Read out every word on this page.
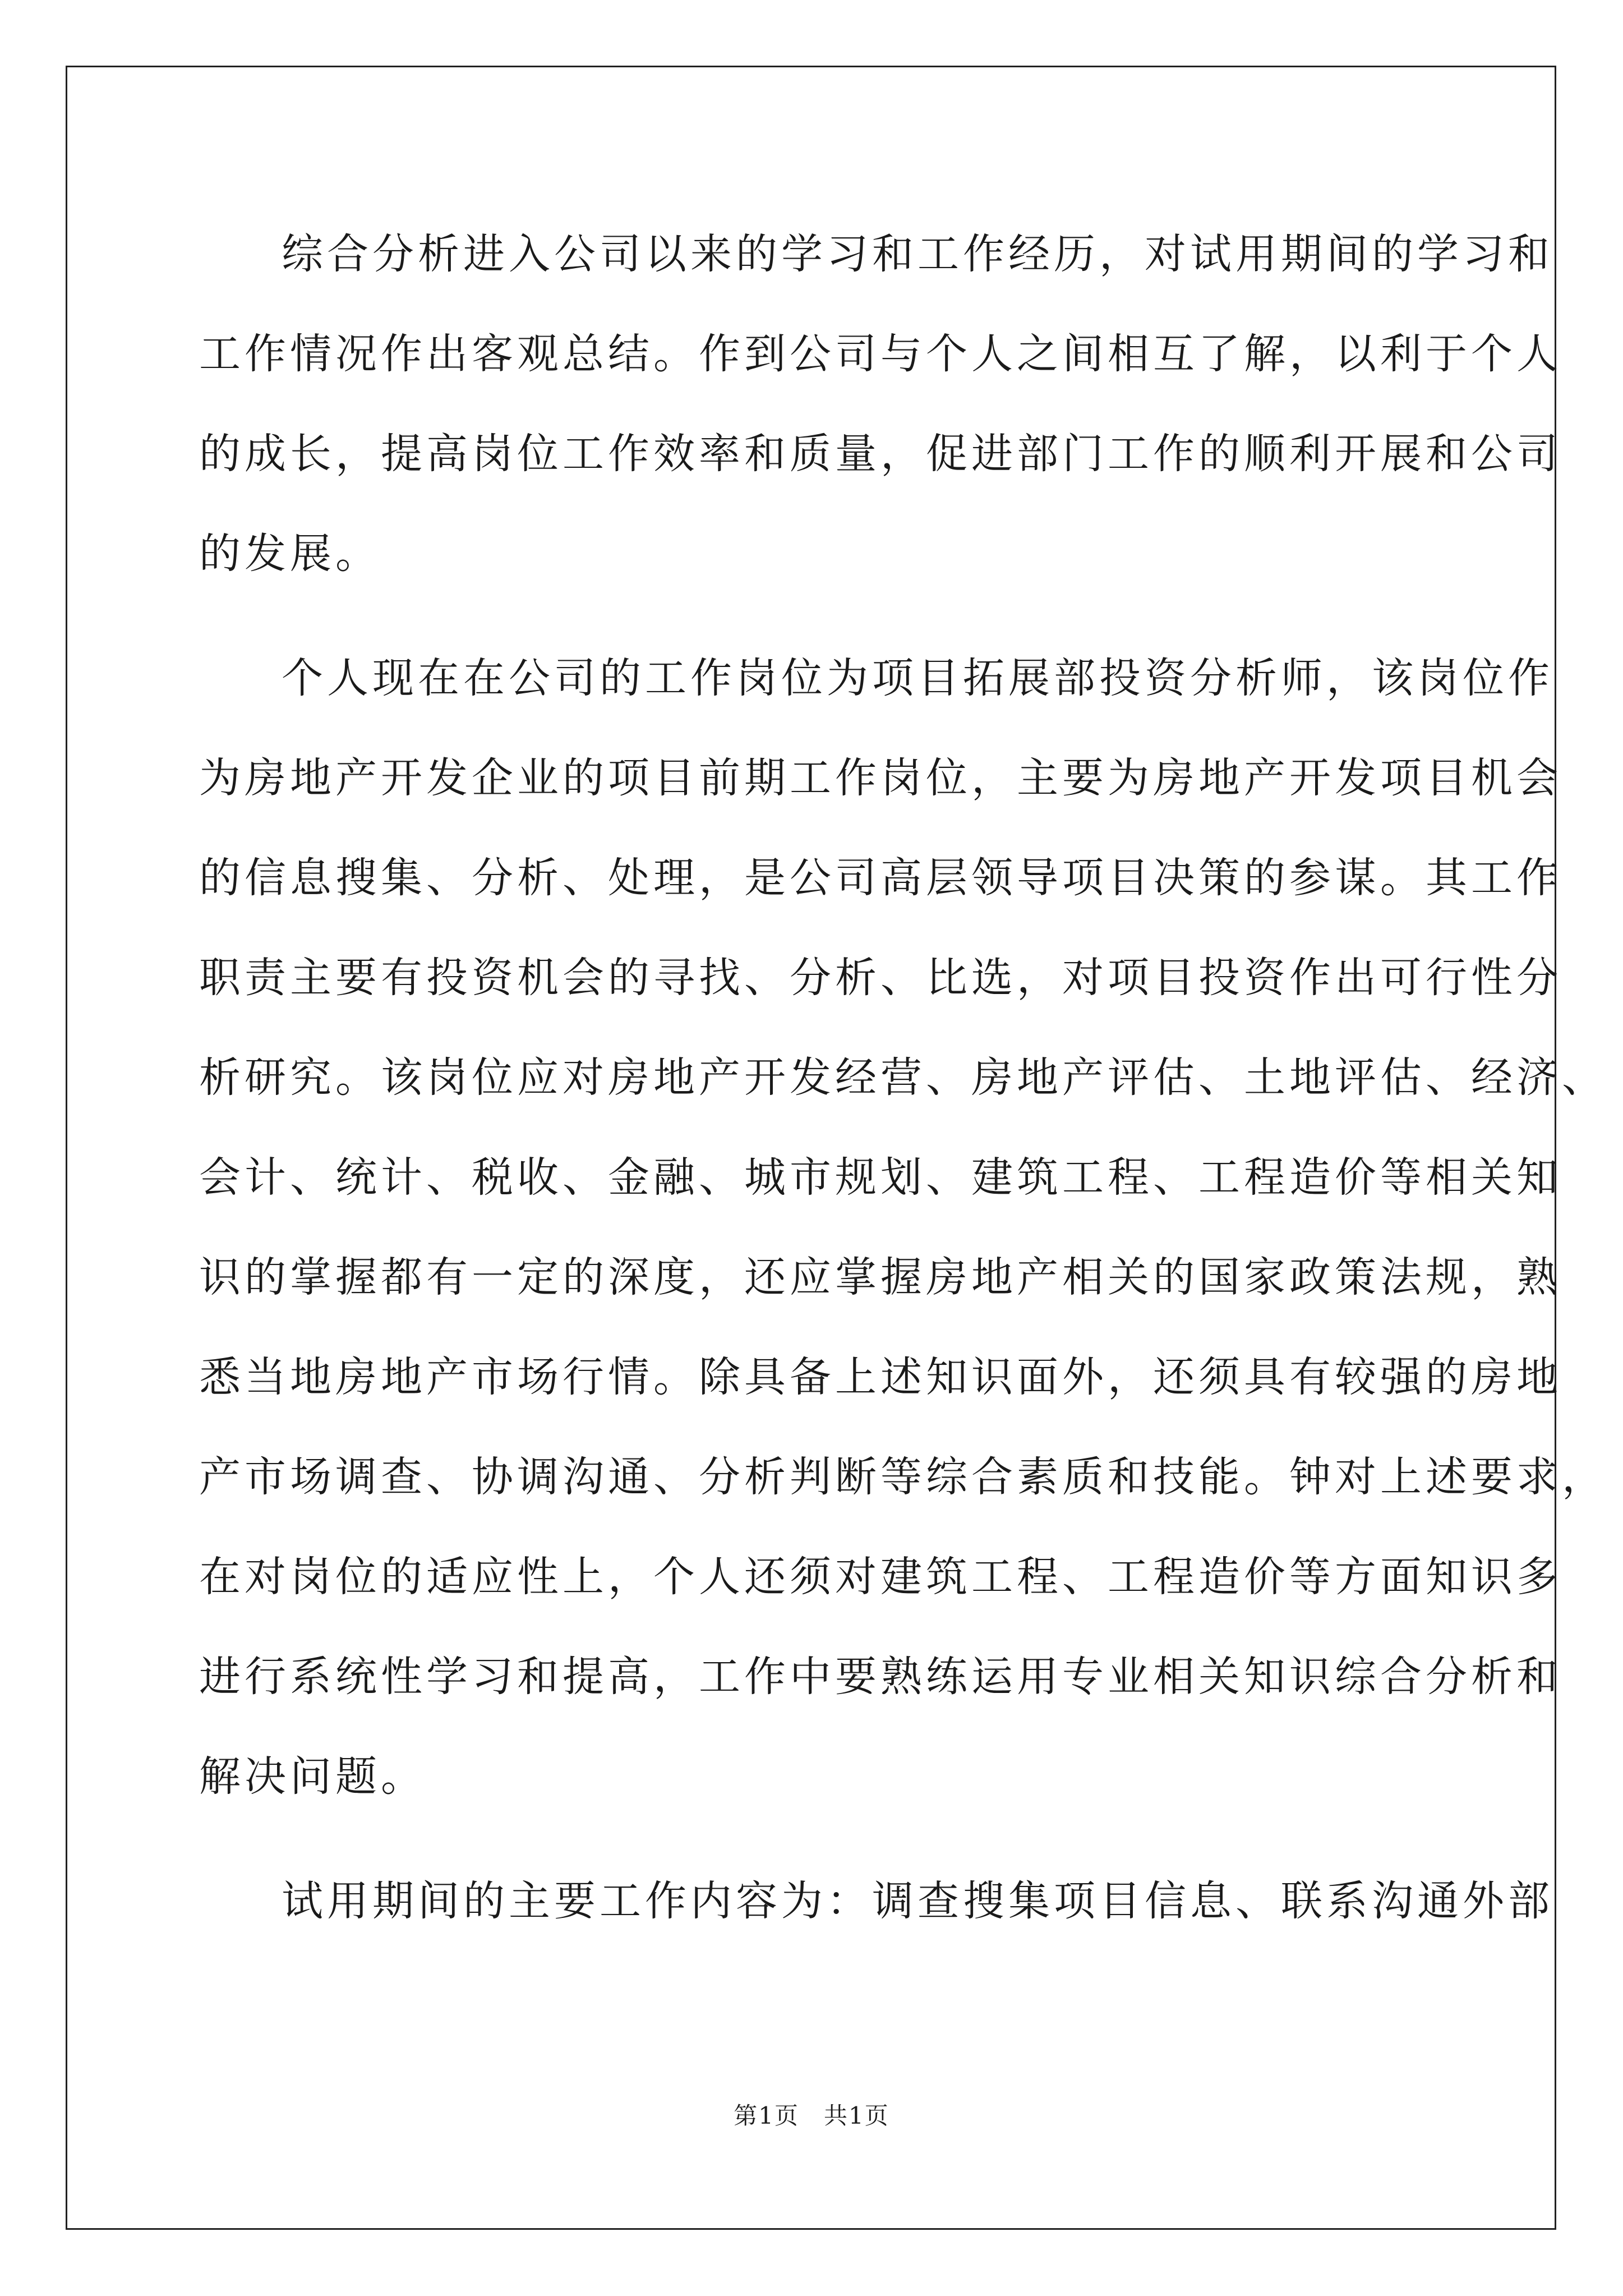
综合分析进入公司以来的学习和工作经历，对试用期间的学习和
工作情况作出客观总结。作到公司与个人之间相互了解，以利于个人
的成长，提高岗位工作效率和质量，促进部门工作的顺利开展和公司
的发展。
个人现在在公司的工作岗位为项目拓展部投资分析师，该岗位作
为房地产开发企业的项目前期工作岗位，主要为房地产开发项目机会
的信息搜集、分析、处理，是公司高层领导项目决策的参谋。其工作
职责主要有投资机会的寻找、分析、比选，对项目投资作出可行性分
析研究。该岗位应对房地产开发经营、房地产评估、土地评估、经济、
会计、统计、税收、金融、城市规划、建筑工程、工程造价等相关知
识的掌握都有一定的深度，还应掌握房地产相关的国家政策法规，熟
悉当地房地产市场行情。除具备上述知识面外，还须具有较强的房地
产市场调查、协调沟通、分析判断等综合素质和技能。钟对上述要求，
在对岗位的适应性上，个人还须对建筑工程、工程造价等方面知识多
进行系统性学习和提高，工作中要熟练运用专业相关知识综合分析和
解决问题。
试用期间的主要工作内容为：调查搜集项目信息、联系沟通外部
第1页　共1页
